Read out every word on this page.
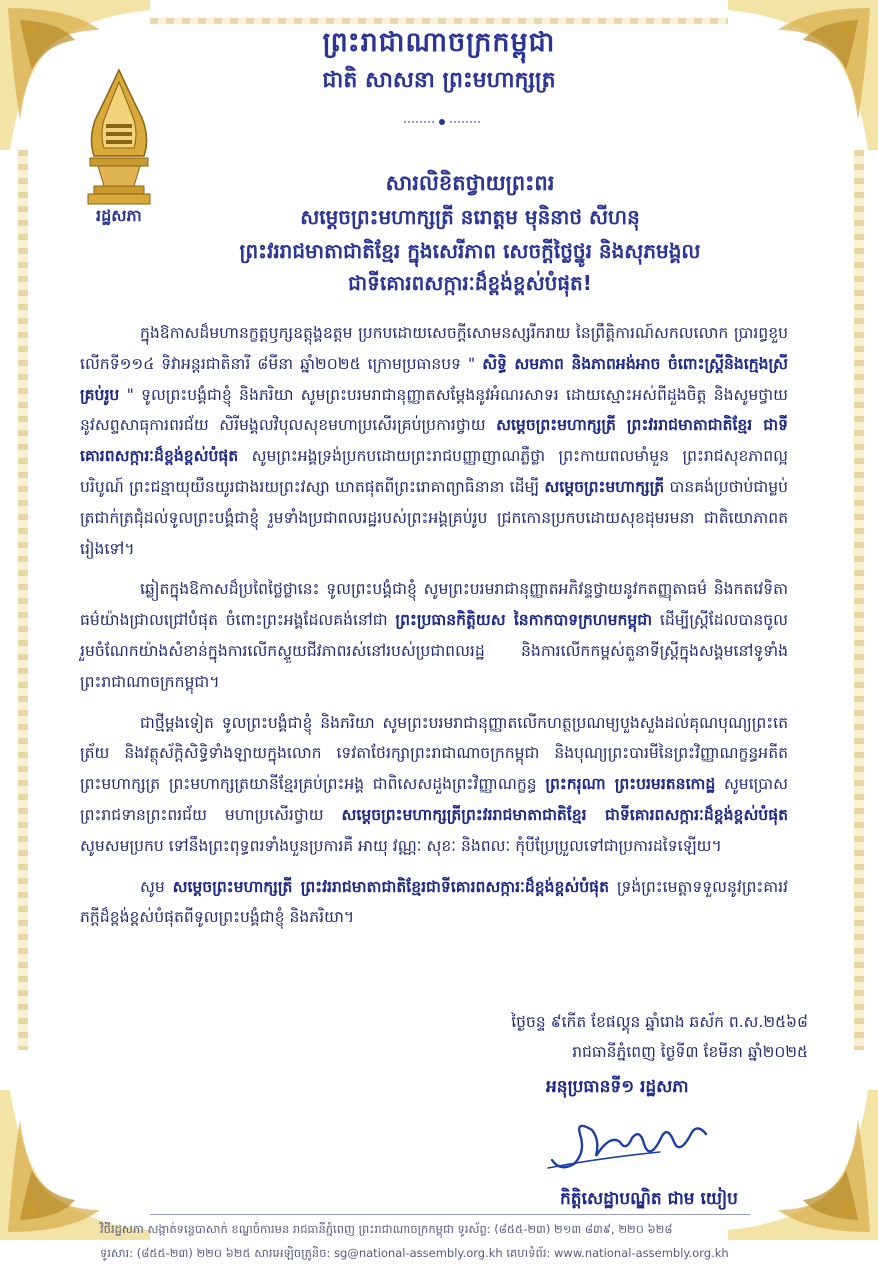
ព្រះរាជាណាចក្រកម្ពុជា
ជាតិ សាសនា ព្រះមហាក្សត្រ
រដ្ឋសភា
សារលិខិតថ្វាយព្រះពរ
សម្តេចព្រះមហាក្សត្រី នរោត្តម មុនិនាថ សីហនុ
ព្រះវររាជមាតាជាតិខ្មែរ ក្នុងសេរីភាព សេចក្តីថ្លៃថ្នូរ និងសុភមង្គល
ជាទីគោរពសក្ការៈដ៏ខ្ពង់ខ្ពស់បំផុត!

ក្នុងឱកាសដ៏មហានក្ខត្តឫក្សឧត្តុង្គឧត្តម ប្រកបដោយសេចក្តីសោមនស្សរីករាយ នៃព្រឹត្តិការណ៍សកលលោក ប្រារព្ធខួបលើកទី១១៤ ទិវាអន្តរជាតិនារី ៨មីនា ឆ្នាំ២០២៥ ក្រោមប្រធានបទ " សិទ្ធិ សមភាព និងភាពអង់អាច ចំពោះស្ត្រីនិងក្មេងស្រីគ្រប់រូប " ទូលព្រះបង្គំជាខ្ញុំ និងភរិយា សូមព្រះបរមរាជានុញ្ញាតសម្តែងនូវអំណរសាទរ ដោយស្មោះអស់ពីដួងចិត្ត និងសូមថ្វាយនូវសព្ទសាធុការពរជ័យ សិរីមង្គលវិបុលសុខមហាប្រសើរគ្រប់ប្រការថ្វាយ សម្តេចព្រះមហាក្សត្រី ព្រះវររាជមាតាជាតិខ្មែរ ជាទីគោរពសក្ការៈដ៏ខ្ពង់ខ្ពស់បំផុត សូមព្រះអង្គទ្រង់ប្រកបដោយព្រះរាជបញ្ញាញាណភ្លឺថ្លា ព្រះកាយពលមាំមួន ព្រះរាជសុខភាពល្អបរិបូណ៍ ព្រះជន្មាយុយឺនយូរជាងរយព្រះវស្សា ឃាតផុតពីព្រះរោគាព្យាធិនានា ដើម្បី សម្តេចព្រះមហាក្សត្រី បានគង់ប្រថាប់ជាម្លប់ត្រជាក់ត្រជុំដល់ទូលព្រះបង្គំជាខ្ញុំ រួមទាំងប្រជាពលរដ្ឋរបស់ព្រះអង្គគ្រប់រូប ជ្រកកោនប្រកបដោយសុខដុមរមនា ជាតិយោភាពតរៀងទៅ។

ឆ្លៀតក្នុងឱកាសដ៏ប្រពៃថ្លៃថ្លានេះ ទូលព្រះបង្គំជាខ្ញុំ សូមព្រះបរមរាជានុញ្ញាតអភិវន្ទថ្វាយនូវកតញ្ញុតាធម៌ និងកតវេទិតាធម៌យ៉ាងជ្រាលជ្រៅបំផុត ចំពោះព្រះអង្គដែលគង់នៅជា ព្រះប្រធានកិត្តិយស នៃកាកបាទក្រហមកម្ពុជា ដើម្បីស្ត្រីដែលបានចូលរួមចំណែកយ៉ាងសំខាន់ក្នុងការលើកស្ទួយជីវភាពរស់នៅរបស់ប្រជាពលរដ្ឋ និងការលើកកម្ពស់តួនាទីស្ត្រីក្នុងសង្គមនៅទូទាំងព្រះរាជាណាចក្រកម្ពុជា។

ជាថ្មីម្តងទៀត ទូលព្រះបង្គំជាខ្ញុំ និងភរិយា សូមព្រះបរមរាជានុញ្ញាតលើកហត្ថប្រណម្យបួងសួងដល់គុណបុណ្យព្រះតេត្រ័យ និងវត្ថុស័ក្តិសិទ្ធិទាំងឡាយក្នុងលោក ទេវតាថែរក្សាព្រះរាជាណាចក្រកម្ពុជា និងបុណ្យព្រះបារមីនៃព្រះវិញ្ញាណក្ខន្ធអតីតព្រះមហាក្សត្រ ព្រះមហាក្សត្រយានីខ្មែរគ្រប់ព្រះអង្គ ជាពិសេសដួងព្រះវិញ្ញាណក្ខន្ធ ព្រះករុណា ព្រះបរមរតនកោដ្ឋ សូមប្រោសព្រះរាជទានព្រះពរជ័យ មហាប្រសើរថ្វាយ សម្តេចព្រះមហាក្សត្រីព្រះវររាជមាតាជាតិខ្មែរ ជាទីគោរពសក្ការៈដ៏ខ្ពង់ខ្ពស់បំផុត សូមសមប្រកប ទៅនឹងព្រះពុទ្ធពរទាំងបួនប្រការគឺ អាយុ វណ្ណៈ សុខៈ និងពលៈ កុំបីប្រែប្រួលទៅជាប្រការដទៃឡើយ។

សូម សម្តេចព្រះមហាក្សត្រី ព្រះវររាជមាតាជាតិខ្មែរជាទីគោរពសក្ការៈដ៏ខ្ពង់ខ្ពស់បំផុត ទ្រង់ព្រះមេត្តាទទួលនូវព្រះគារវភក្តីដ៏ខ្ពង់ខ្ពស់បំផុតពីទូលព្រះបង្គំជាខ្ញុំ និងភរិយា។

ថ្ងៃចន្ទ ៩កើត ខែផល្គុន ឆ្នាំរោង ឆស័ក ព.ស.២៥៦៨
រាជធានីភ្នំពេញ ថ្ងៃទី៣ ខែមីនា ឆ្នាំ២០២៥
អនុប្រធានទី១ រដ្ឋសភា
កិត្តិសេដ្ឋាបណ្ឌិត ជាម យៀប
វិថីរដ្ឋសភា សង្កាត់ទន្លេបាសាក់ ខណ្ឌចំការមន រាជធានីភ្នំពេញ ព្រះរាជាណាចក្រកម្ពុជា ទូរស័ព្ទ: (៨៥៥-២៣) ២១៣ ៨៣៩, ២២០ ៦២៨
ទូរសារ: (៨៥៥-២៣) ២២០ ៦២៥ សារអេឡិចត្រូនិច: sg@national-assembly.org.kh គេហទំព័រ: www.national-assembly.org.kh
